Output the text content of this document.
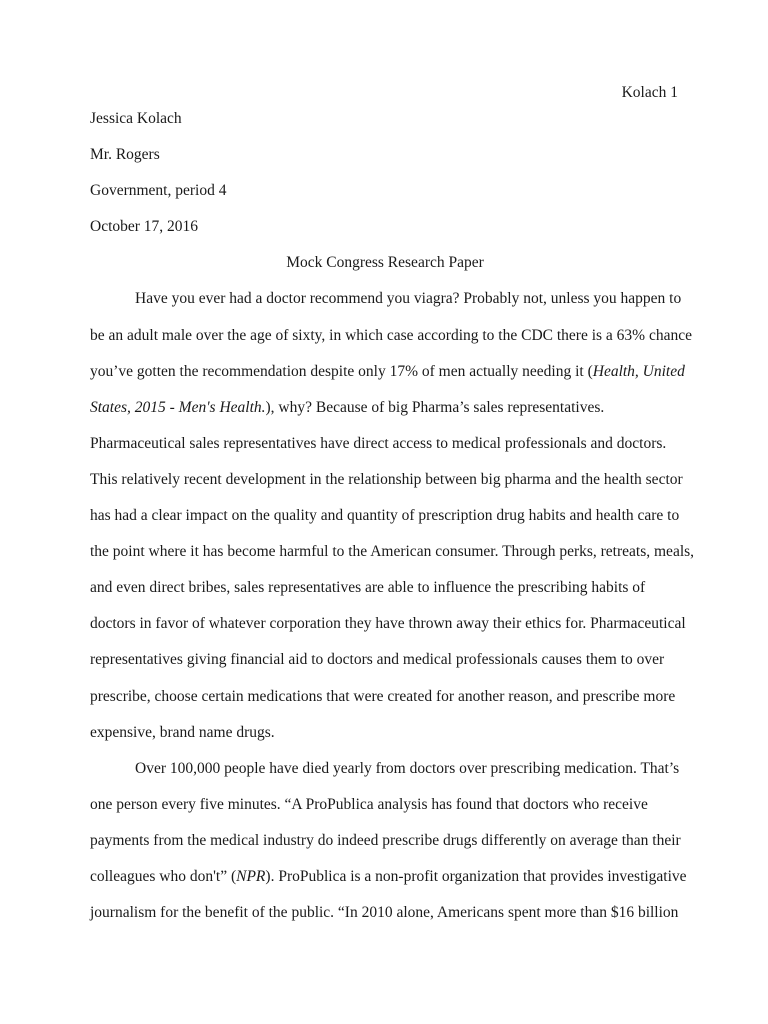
Kolach 1
Jessica Kolach
Mr. Rogers
Government, period 4
October 17, 2016
Mock Congress Research Paper
Have you ever had a doctor recommend you viagra? Probably not, unless you happen to
be an adult male over the age of sixty, in which case according to the CDC there is a 63% chance
you’ve gotten the recommendation despite only 17% of men actually needing it (Health, United
States, 2015 - Men's Health.), why? Because of big Pharma’s sales representatives.
Pharmaceutical sales representatives have direct access to medical professionals and doctors.
This relatively recent development in the relationship between big pharma and the health sector
has had a clear impact on the quality and quantity of prescription drug habits and health care to
the point where it has become harmful to the American consumer. Through perks, retreats, meals,
and even direct bribes, sales representatives are able to influence the prescribing habits of
doctors in favor of whatever corporation they have thrown away their ethics for. Pharmaceutical
representatives giving financial aid to doctors and medical professionals causes them to over
prescribe, choose certain medications that were created for another reason, and prescribe more
expensive, brand name drugs.
Over 100,000 people have died yearly from doctors over prescribing medication. That’s
one person every five minutes. “A ProPublica analysis has found that doctors who receive
payments from the medical industry do indeed prescribe drugs differently on average than their
colleagues who don't” (NPR). ProPublica is a non-profit organization that provides investigative
journalism for the benefit of the public. “In 2010 alone, Americans spent more than $16 billion
